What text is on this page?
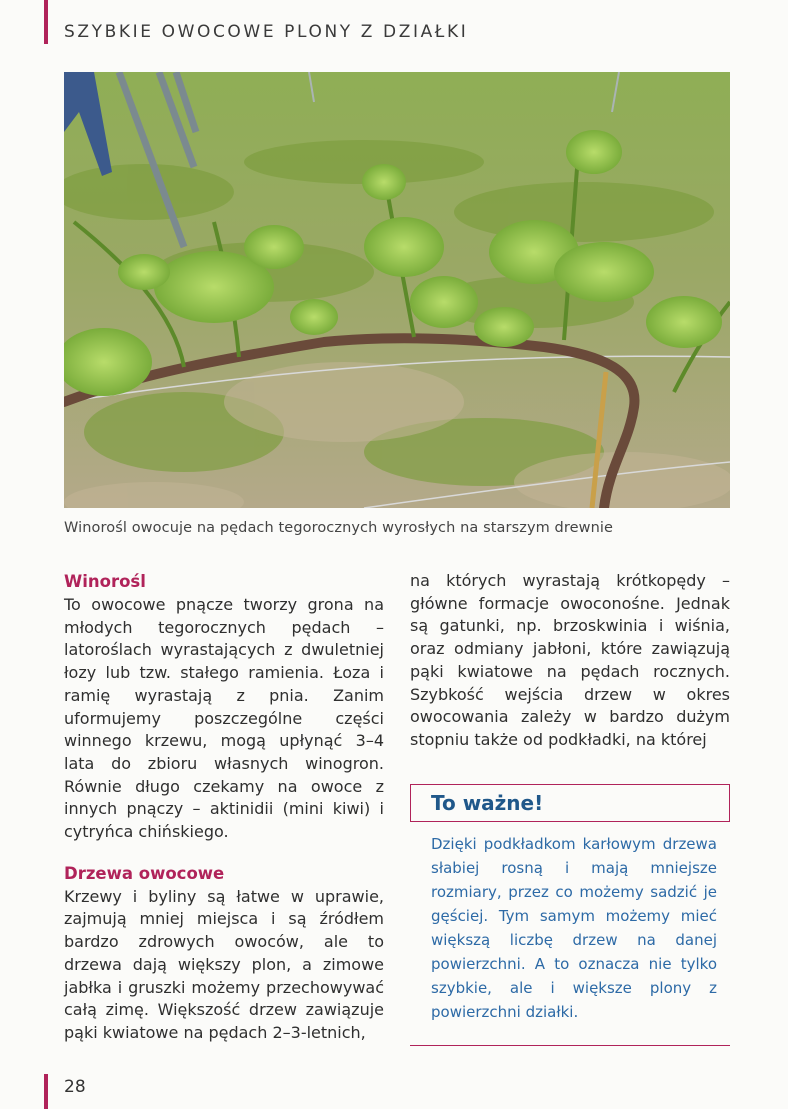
SZYBKIE OWOCOWE PLONY Z DZIAŁKI
Winorośl owocuje na pędach tegorocznych wyrosłych na starszym drewnie
Winorośl

To owocowe pnącze tworzy grona na młodych tegorocznych pędach – latoroślach wyrastających z dwuletniej łozy lub tzw. stałego ramienia. Łoza i ramię wyrastają z pnia. Zanim uformujemy poszczególne części winnego krzewu, mogą upłynąć 3–4 lata do zbioru własnych winogron. Równie długo czekamy na owoce z innych pnączy – aktinidii (mini kiwi) i cytryńca chińskiego.

Drzewa owocowe

Krzewy i byliny są łatwe w uprawie, zajmują mniej miejsca i są źródłem bardzo zdrowych owoców, ale to drzewa dają większy plon, a zimowe jabłka i gruszki możemy przechowywać całą zimę. Większość drzew zawiązuje pąki kwiatowe na pędach 2–3-letnich,

na których wyrastają krótkopędy – główne formacje owoconośne. Jednak są gatunki, np. brzoskwinia i wiśnia, oraz odmiany jabłoni, które zawiązują pąki kwiatowe na pędach rocznych. Szybkość wejścia drzew w okres owocowania zależy w bardzo dużym stopniu także od podkładki, na której

To ważne!
Dzięki podkładkom karłowym drzewa słabiej rosną i mają mniejsze rozmiary, przez co możemy sadzić je gęściej. Tym samym możemy mieć większą liczbę drzew na danej powierzchni. A to oznacza nie tylko szybkie, ale i większe plony z powierzchni działki.
28
